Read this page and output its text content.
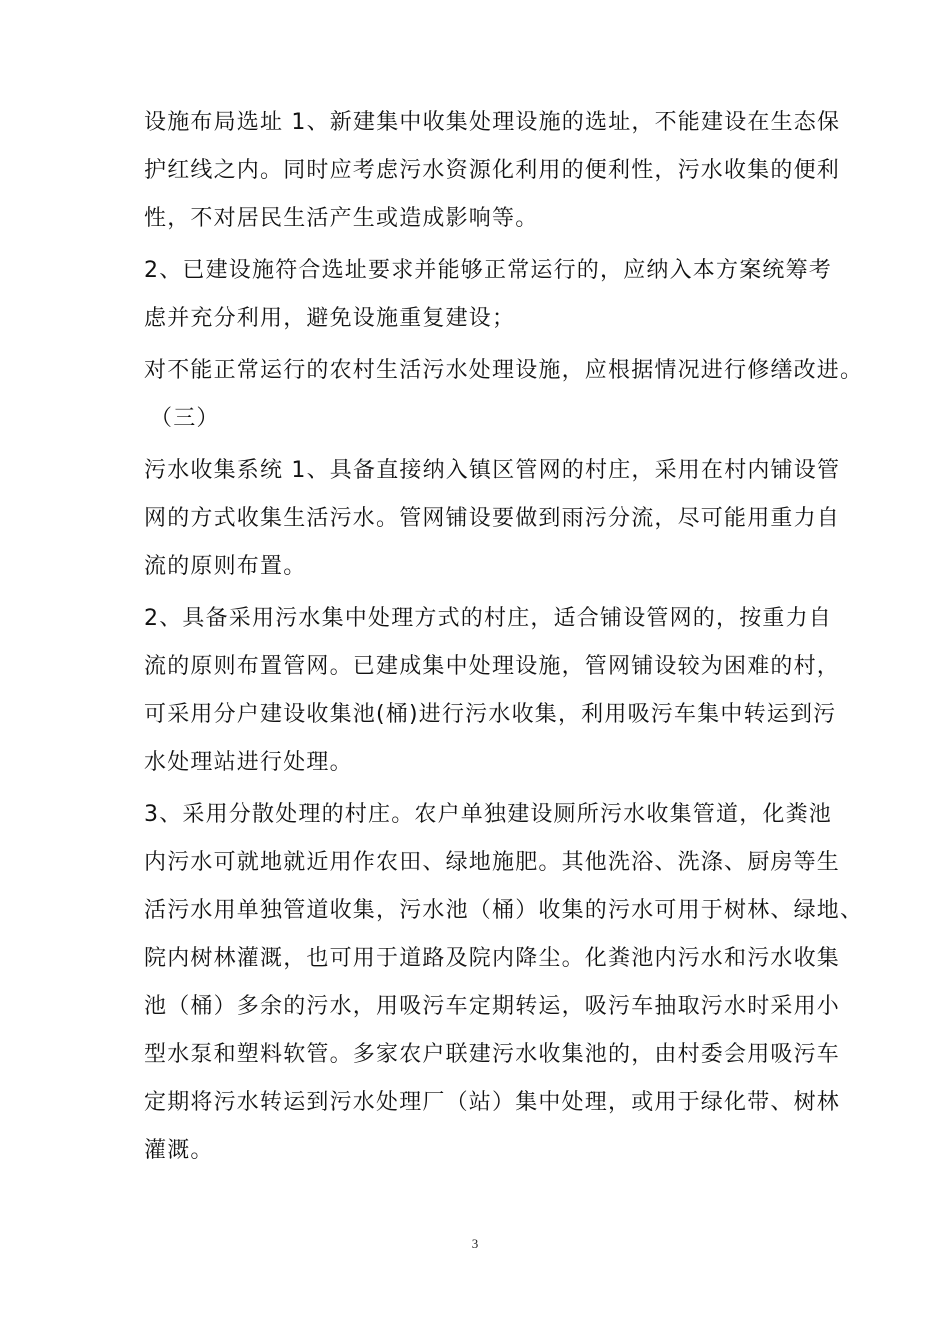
设施布局选址 1、新建集中收集处理设施的选址，不能建设在生态保
护红线之内。同时应考虑污水资源化利用的便利性，污水收集的便利
性，不对居民生活产生或造成影响等。
2、已建设施符合选址要求并能够正常运行的，应纳入本方案统筹考
虑并充分利用，避免设施重复建设；
对不能正常运行的农村生活污水处理设施，应根据情况进行修缮改进。
（三）
污水收集系统 1、具备直接纳入镇区管网的村庄，采用在村内铺设管
网的方式收集生活污水。管网铺设要做到雨污分流，尽可能用重力自
流的原则布置。
2、具备采用污水集中处理方式的村庄，适合铺设管网的，按重力自
流的原则布置管网。已建成集中处理设施，管网铺设较为困难的村，
可采用分户建设收集池(桶)进行污水收集，利用吸污车集中转运到污
水处理站进行处理。
3、采用分散处理的村庄。农户单独建设厕所污水收集管道，化粪池
内污水可就地就近用作农田、绿地施肥。其他洗浴、洗涤、厨房等生
活污水用单独管道收集，污水池（桶）收集的污水可用于树林、绿地、
院内树林灌溉，也可用于道路及院内降尘。化粪池内污水和污水收集
池（桶）多余的污水，用吸污车定期转运，吸污车抽取污水时采用小
型水泵和塑料软管。多家农户联建污水收集池的，由村委会用吸污车
定期将污水转运到污水处理厂（站）集中处理，或用于绿化带、树林
灌溉。
3
